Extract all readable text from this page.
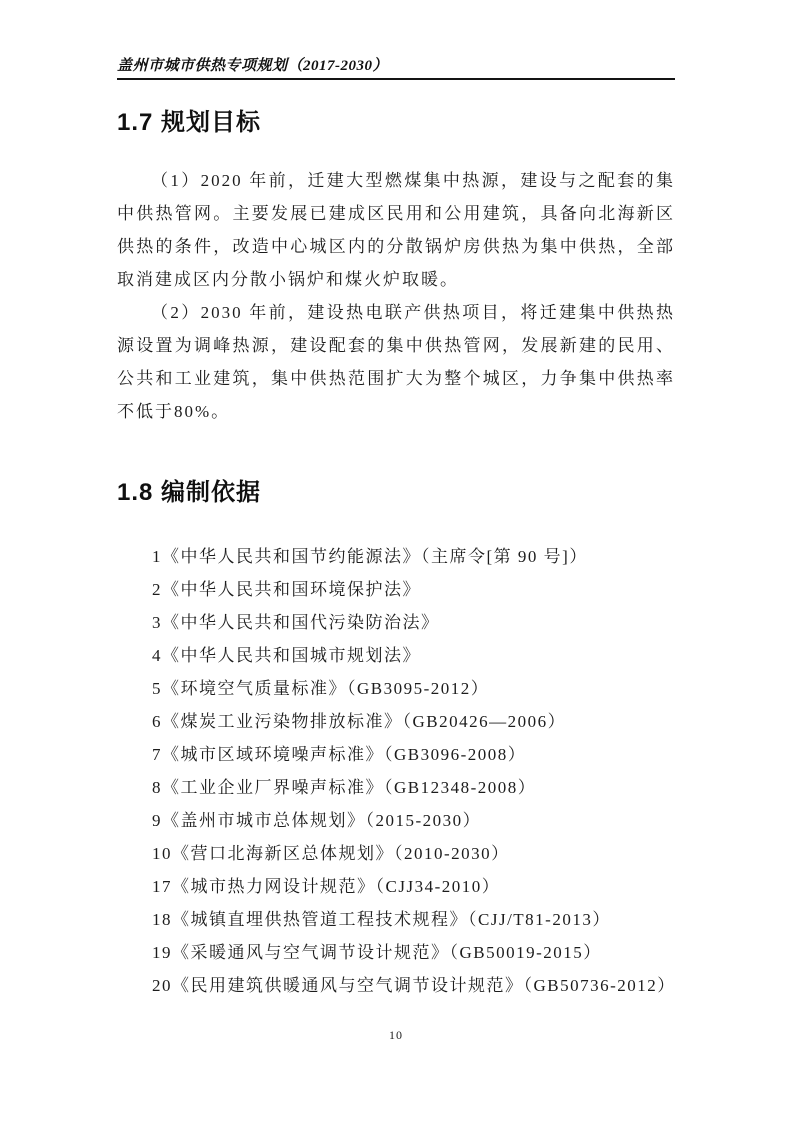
盖州市城市供热专项规划（2017-2030）
1.7 规划目标

（1）2020 年前，迁建大型燃煤集中热源，建设与之配套的集中供热管网。主要发展已建成区民用和公用建筑，具备向北海新区供热的条件，改造中心城区内的分散锅炉房供热为集中供热，全部取消建成区内分散小锅炉和煤火炉取暖。

（2）2030 年前，建设热电联产供热项目，将迁建集中供热热源设置为调峰热源，建设配套的集中供热管网，发展新建的民用、公共和工业建筑，集中供热范围扩大为整个城区，力争集中供热率不低于80%。

1.8 编制依据
1《中华人民共和国节约能源法》（主席令[第 90 号]）
2《中华人民共和国环境保护法》
3《中华人民共和国代污染防治法》
4《中华人民共和国城市规划法》
5《环境空气质量标准》（GB3095-2012）
6《煤炭工业污染物排放标准》（GB20426—2006）
7《城市区域环境噪声标准》（GB3096-2008）
8《工业企业厂界噪声标准》（GB12348-2008）
9《盖州市城市总体规划》（2015-2030）
10《营口北海新区总体规划》（2010-2030）
17《城市热力网设计规范》（CJJ34-2010）
18《城镇直埋供热管道工程技术规程》（CJJ/T81-2013）
19《采暖通风与空气调节设计规范》（GB50019-2015）
20《民用建筑供暖通风与空气调节设计规范》（GB50736-2012）
10
